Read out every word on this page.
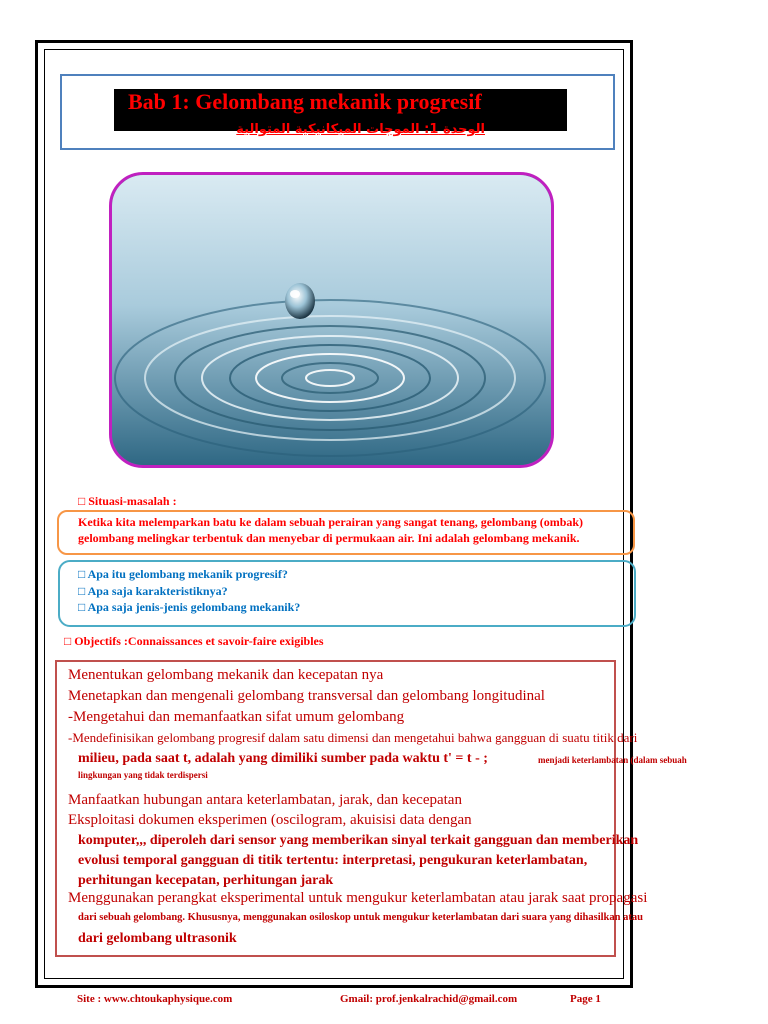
Bab 1: Gelombang mekanik progresif
الوحدة 1: الموجات الميكانيكية المتوالية
□ Situasi-masalah :
Ketika kita melemparkan batu ke dalam sebuah perairan yang sangat tenang, gelombang (ombak)
gelombang melingkar terbentuk dan menyebar di permukaan air. Ini adalah gelombang mekanik.
□ Apa itu gelombang mekanik progresif?
□ Apa saja karakteristiknya?
□ Apa saja jenis-jenis gelombang mekanik?
□ Objectifs :Connaissances et savoir-faire exigibles
Menentukan gelombang mekanik dan kecepatan nya
Menetapkan dan mengenali gelombang transversal dan gelombang longitudinal
-Mengetahui dan memanfaatkan sifat umum gelombang
-Mendefinisikan gelombang progresif dalam satu dimensi dan mengetahui bahwa gangguan di suatu titik dari
milieu, pada saat t, adalah yang dimiliki sumber pada waktu t' = t - ;	menjadi keterlambatan (dalam sebuah
lingkungan yang tidak terdispersi
Manfaatkan hubungan antara keterlambatan, jarak, dan kecepatan
Eksploitasi dokumen eksperimen (oscilogram, akuisisi data dengan
komputer,,, diperoleh dari sensor yang memberikan sinyal terkait gangguan dan memberikan
evolusi temporal gangguan di titik tertentu: interpretasi, pengukuran keterlambatan,
perhitungan kecepatan, perhitungan jarak
Menggunakan perangkat eksperimental untuk mengukur keterlambatan atau jarak saat propagasi
dari sebuah gelombang. Khususnya, menggunakan osiloskop untuk mengukur keterlambatan dari suara yang dihasilkan atau
dari gelombang ultrasonik
Site : www.chtoukaphysique.com	Gmail: prof.jenkalrachid@gmail.com	Page 1
